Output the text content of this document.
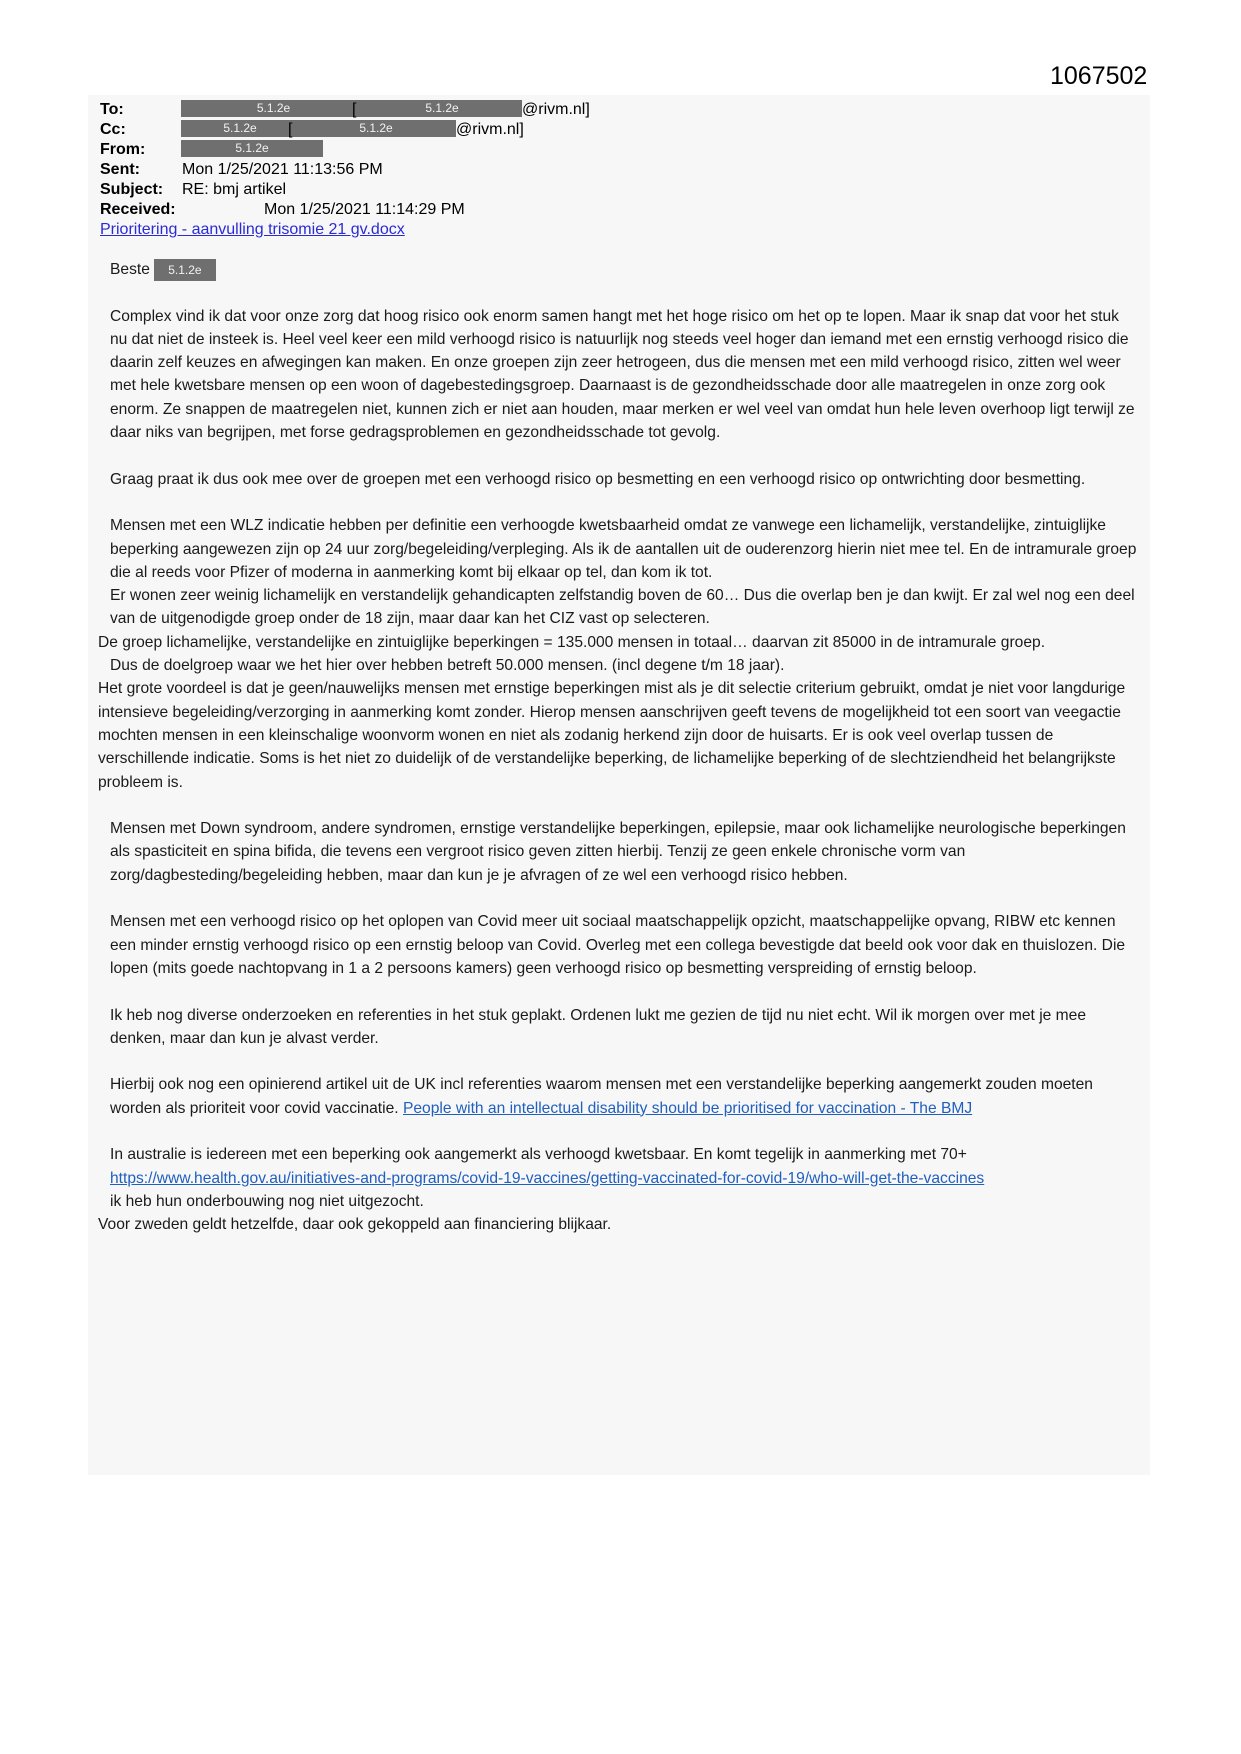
1067502
To:	5.1.2e	[	5.1.2e	@rivm.nl]
Cc:	5.1.2e	[	5.1.2e	@rivm.nl]
From:	5.1.2e
Sent:	Mon 1/25/2021 11:13:56 PM
Subject: RE: bmj artikel
Received:	Mon 1/25/2021 11:14:29 PM
Prioritering - aanvulling trisomie 21 gv.docx

Beste 5.1.2e

Complex vind ik dat voor onze zorg dat hoog risico ook enorm samen hangt met het hoge risico om het op te lopen. Maar ik snap dat voor het stuk nu dat niet de insteek is. Heel veel keer een mild verhoogd risico is natuurlijk nog steeds veel hoger dan iemand met een ernstig verhoogd risico die daarin zelf keuzes en afwegingen kan maken. En onze groepen zijn zeer hetrogeen, dus die mensen met een mild verhoogd risico, zitten wel weer met hele kwetsbare mensen op een woon of dagebestedingsgroep. Daarnaast is de gezondheidsschade door alle maatregelen in onze zorg ook enorm. Ze snappen de maatregelen niet, kunnen zich er niet aan houden, maar merken er wel veel van omdat hun hele leven overhoop ligt terwijl ze daar niks van begrijpen, met forse gedragsproblemen en gezondheidsschade tot gevolg.

Graag praat ik dus ook mee over de groepen met een verhoogd risico op besmetting en een verhoogd risico op ontwrichting door besmetting.

Mensen met een WLZ indicatie hebben per definitie een verhoogde kwetsbaarheid omdat ze vanwege een lichamelijk, verstandelijke, zintuiglijke beperking aangewezen zijn op 24 uur zorg/begeleiding/verpleging. Als ik de aantallen uit de ouderenzorg hierin niet mee tel. En de intramurale groep die al reeds voor Pfizer of moderna in aanmerking komt bij elkaar op tel, dan kom ik tot.

Er wonen zeer weinig lichamelijk en verstandelijk gehandicapten zelfstandig boven de 60… Dus die overlap ben je dan kwijt. Er zal wel nog een deel van de uitgenodigde groep onder de 18 zijn, maar daar kan het CIZ vast op selecteren.

De groep lichamelijke, verstandelijke en zintuiglijke beperkingen = 135.000 mensen in totaal… daarvan zit 85000 in de intramurale groep.

Dus de doelgroep waar we het hier over hebben betreft 50.000 mensen. (incl degene t/m 18 jaar).

Het grote voordeel is dat je geen/nauwelijks mensen met ernstige beperkingen mist als je dit selectie criterium gebruikt, omdat je niet voor langdurige intensieve begeleiding/verzorging in aanmerking komt zonder. Hierop mensen aanschrijven geeft tevens de mogelijkheid tot een soort van veegactie mochten mensen in een kleinschalige woonvorm wonen en niet als zodanig herkend zijn door de huisarts. Er is ook veel overlap tussen de verschillende indicatie. Soms is het niet zo duidelijk of de verstandelijke beperking, de lichamelijke beperking of de slechtziendheid het belangrijkste probleem is.

Mensen met Down syndroom, andere syndromen, ernstige verstandelijke beperkingen, epilepsie, maar ook lichamelijke neurologische beperkingen als spasticiteit en spina bifida, die tevens een vergroot risico geven zitten hierbij. Tenzij ze geen enkele chronische vorm van zorg/dagbesteding/begeleiding hebben, maar dan kun je je afvragen of ze wel een verhoogd risico hebben.

Mensen met een verhoogd risico op het oplopen van Covid meer uit sociaal maatschappelijk opzicht, maatschappelijke opvang, RIBW etc kennen een minder ernstig verhoogd risico op een ernstig beloop van Covid. Overleg met een collega bevestigde dat beeld ook voor dak en thuislozen. Die lopen (mits goede nachtopvang in 1 a 2 persoons kamers) geen verhoogd risico op besmetting verspreiding of ernstig beloop.

Ik heb nog diverse onderzoeken en referenties in het stuk geplakt. Ordenen lukt me gezien de tijd nu niet echt. Wil ik morgen over met je mee denken, maar dan kun je alvast verder.

Hierbij ook nog een opinierend artikel uit de UK incl referenties waarom mensen met een verstandelijke beperking aangemerkt zouden moeten worden als prioriteit voor covid vaccinatie. People with an intellectual disability should be prioritised for vaccination - The BMJ

In australie is iedereen met een beperking ook aangemerkt als verhoogd kwetsbaar. En komt tegelijk in aanmerking met 70+

https://www.health.gov.au/initiatives-and-programs/covid-19-vaccines/getting-vaccinated-for-covid-19/who-will-get-the-vaccines

ik heb hun onderbouwing nog niet uitgezocht.

Voor zweden geldt hetzelfde, daar ook gekoppeld aan financiering blijkaar.
